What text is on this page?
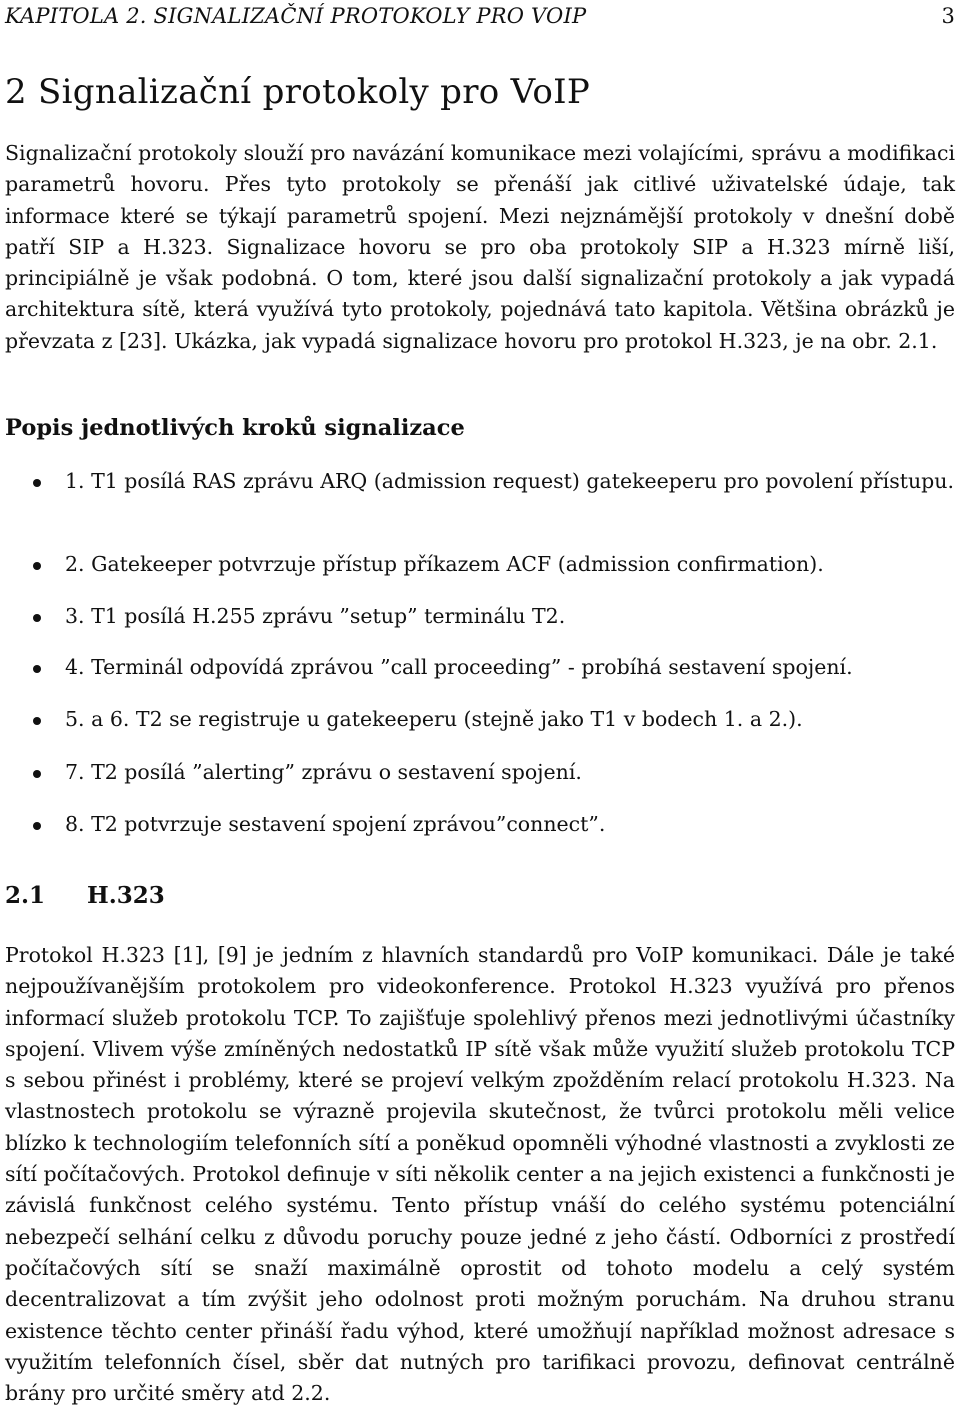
KAPITOLA 2. SIGNALIZAČNÍ PROTOKOLY PRO VOIP	3
2 Signalizační protokoly pro VoIP

Signalizační protokoly slouží pro navázání komunikace mezi volajícími, správu a modifikaci parametrů hovoru. Přes tyto protokoly se přenáší jak citlivé uživatelské údaje, tak informace které se týkají parametrů spojení. Mezi nejznámější protokoly v dnešní době patří SIP a H.323. Signalizace hovoru se pro oba protokoly SIP a H.323 mírně liší, principiálně je však podobná. O tom, které jsou další signalizační protokoly a jak vypadá architektura sítě, která využívá tyto protokoly, pojednává tato kapitola. Většina obrázků je převzata z [23]. Ukázka, jak vypadá signalizace hovoru pro protokol H.323, je na obr. 2.1.

Popis jednotlivých kroků signalizace
1. T1 posílá RAS zprávu ARQ (admission request) gatekeeperu pro povolení přístupu.
2. Gatekeeper potvrzuje přístup příkazem ACF (admission confirmation).
3. T1 posílá H.255 zprávu ”setup” terminálu T2.
4. Terminál odpovídá zprávou ”call proceeding” - probíhá sestavení spojení.
5. a 6. T2 se registruje u gatekeeperu (stejně jako T1 v bodech 1. a 2.).
7. T2 posílá ”alerting” zprávu o sestavení spojení.
8. T2 potvrzuje sestavení spojení zprávou”connect”.
2.1 H.323

Protokol H.323 [1], [9] je jedním z hlavních standardů pro VoIP komunikaci. Dále je také nejpoužívanějším protokolem pro videokonference. Protokol H.323 využívá pro přenos informací služeb protokolu TCP. To zajišťuje spolehlivý přenos mezi jednotlivými účastníky spojení. Vlivem výše zmíněných nedostatků IP sítě však může využití služeb protokolu TCP s sebou přinést i problémy, které se projeví velkým zpožděním relací protokolu H.323. Na vlastnostech protokolu se výrazně projevila skutečnost, že tvůrci protokolu měli velice blízko k technologiím telefonních sítí a poněkud opomněli výhodné vlastnosti a zvyklosti ze sítí počítačových. Protokol definuje v síti několik center a na jejich existenci a funkčnosti je závislá funkčnost celého systému. Tento přístup vnáší do celého systému potenciální nebezpečí selhání celku z důvodu poruchy pouze jedné z jeho částí. Odborníci z prostředí počítačových sítí se snaží maximálně oprostit od tohoto modelu a celý systém decentralizovat a tím zvýšit jeho odolnost proti možným poruchám. Na druhou stranu existence těchto center přináší řadu výhod, které umožňují například možnost adresace s využitím telefonních čísel, sběr dat nutných pro tarifikaci provozu, definovat centrálně brány pro určité směry atd 2.2.
